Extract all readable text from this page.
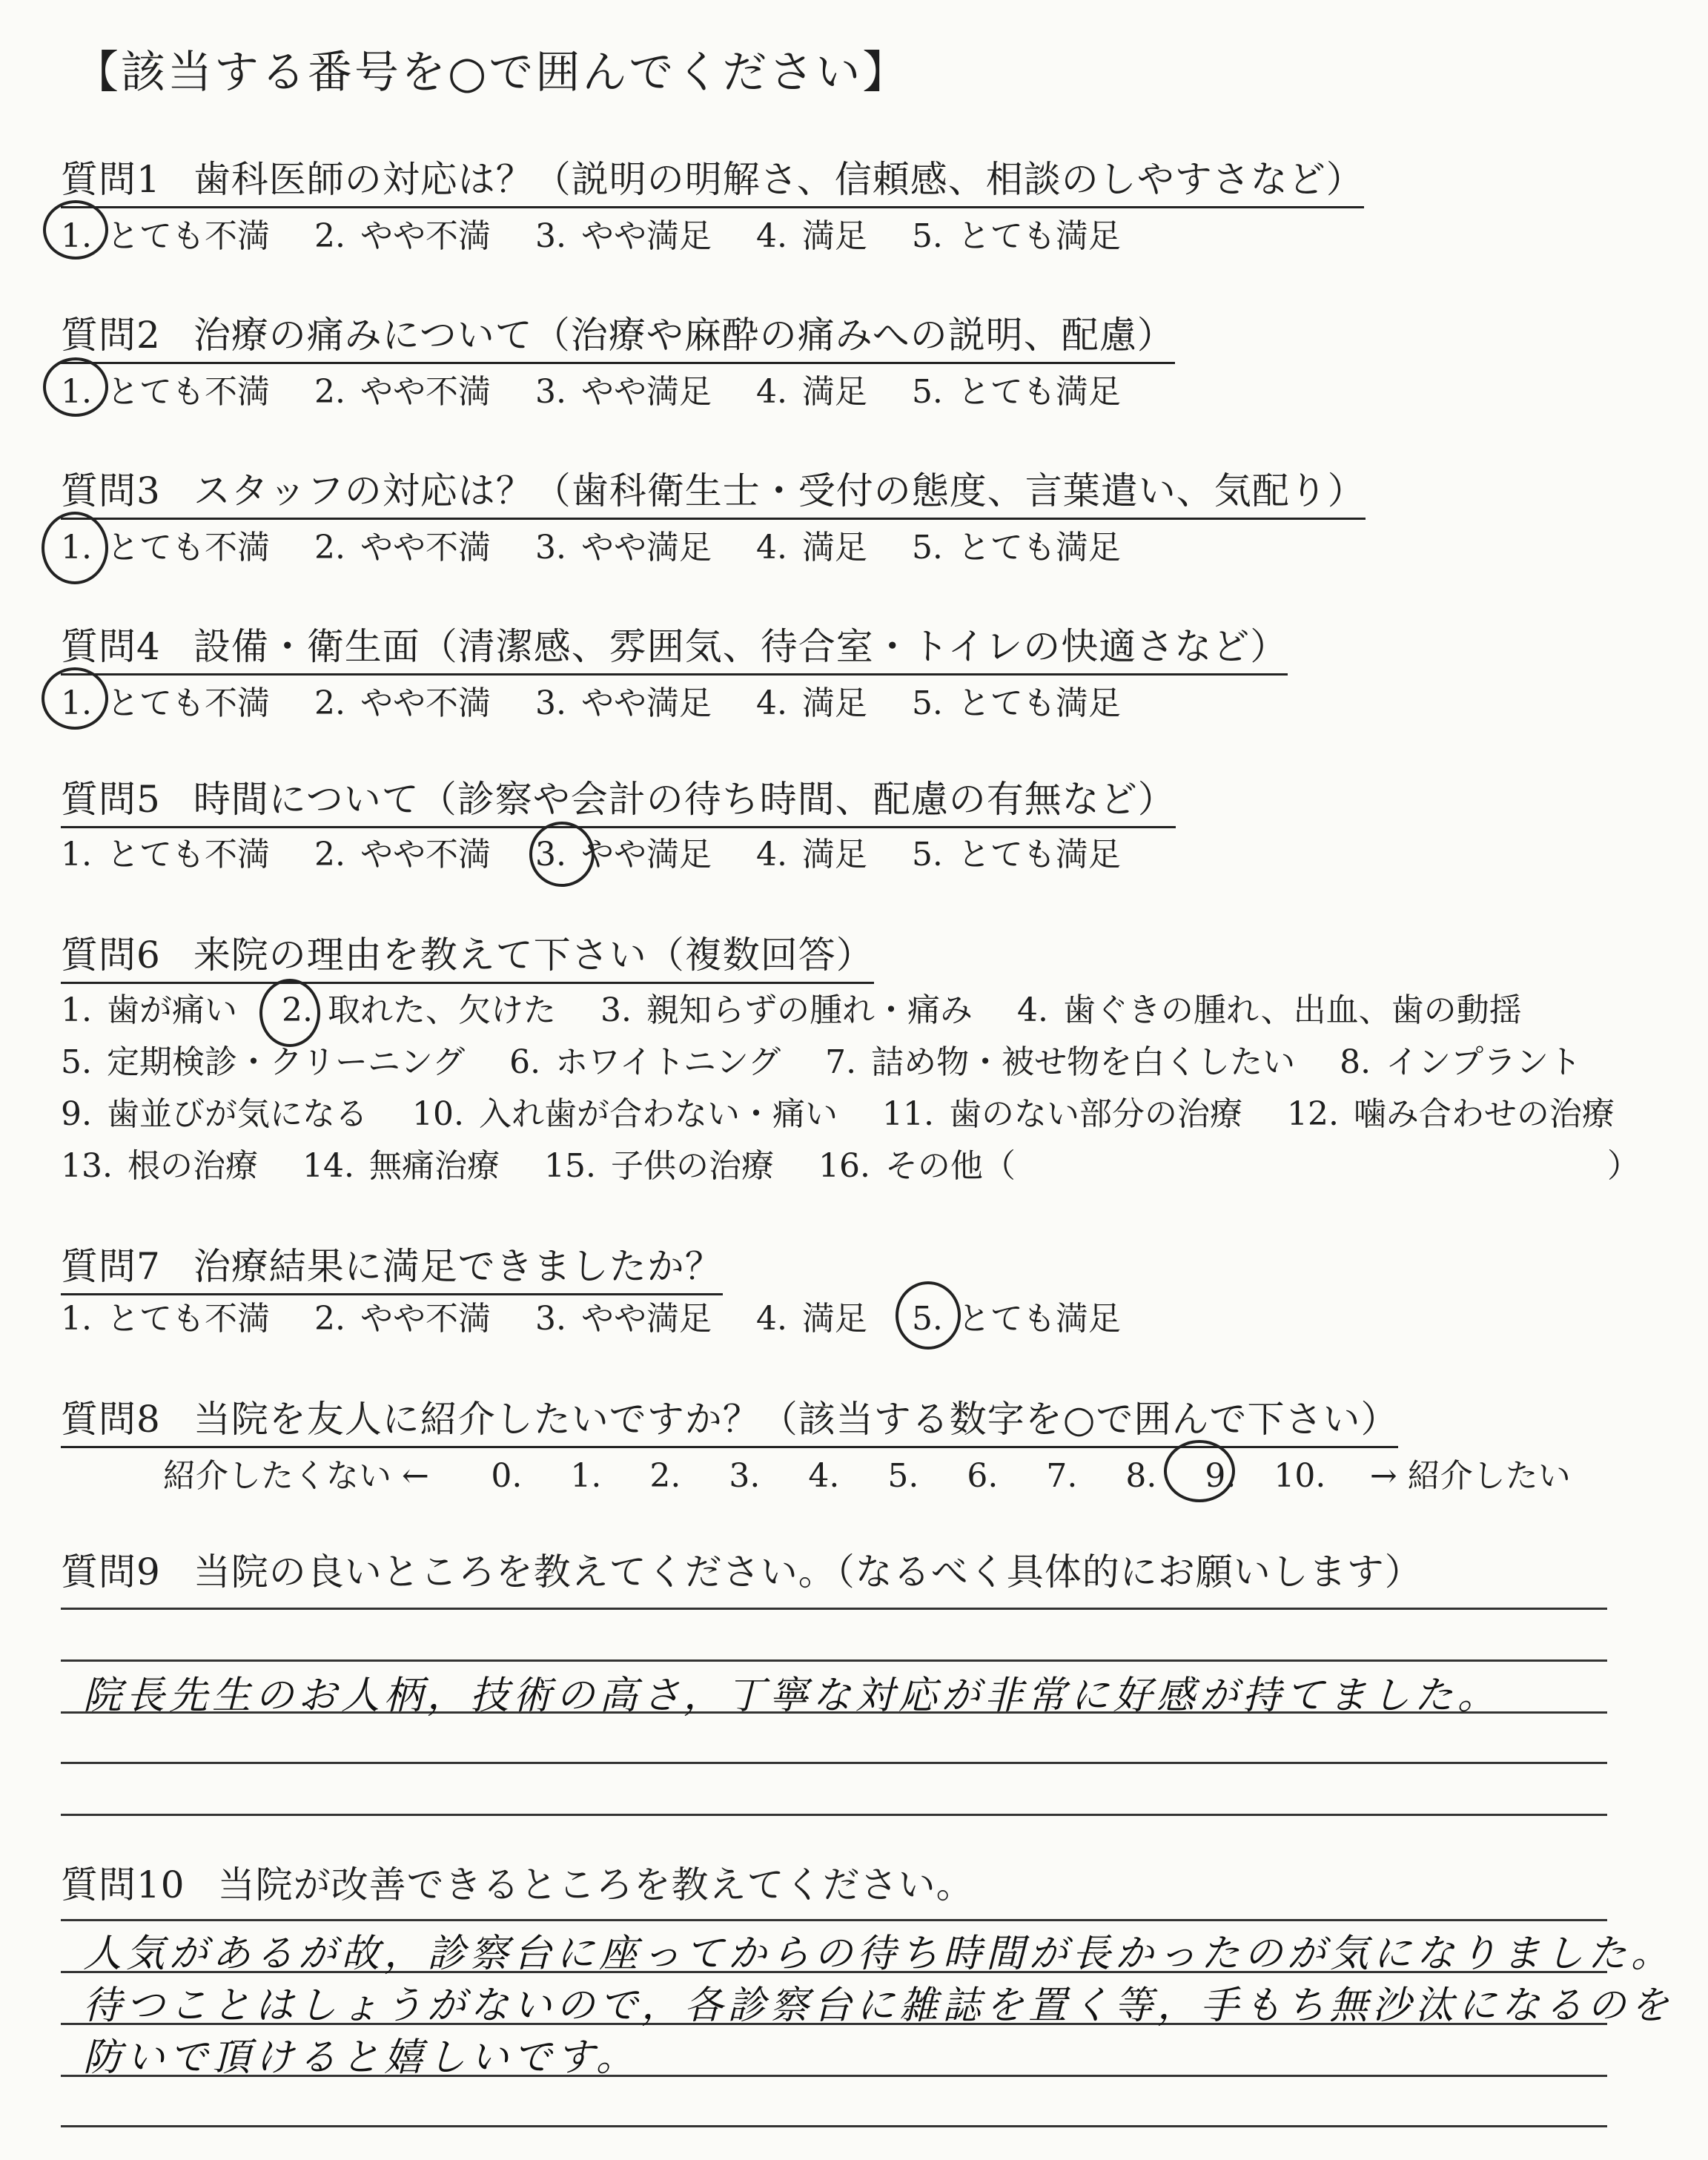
【該当する番号を○で囲んでください】
質問1 歯科医師の対応は？（説明の明解さ、信頼感、相談のしやすさなど）
1. とても不満 2. やや不満 3. やや満足 4. 満足 5. とても満足
質問2 治療の痛みについて（治療や麻酔の痛みへの説明、配慮）
1. とても不満 2. やや不満 3. やや満足 4. 満足 5. とても満足
質問3 スタッフの対応は？（歯科衛生士・受付の態度、言葉遣い、気配り）
1. とても不満 2. やや不満 3. やや満足 4. 満足 5. とても満足
質問4 設備・衛生面（清潔感、雰囲気、待合室・トイレの快適さなど）
1. とても不満 2. やや不満 3. やや満足 4. 満足 5. とても満足
質問5 時間について（診察や会計の待ち時間、配慮の有無など）
1. とても不満 2. やや不満 3. やや満足 4. 満足 5. とても満足
質問6 来院の理由を教えて下さい（複数回答）
1. 歯が痛い 2. 取れた、欠けた 3. 親知らずの腫れ・痛み 4. 歯ぐきの腫れ、出血、歯の動揺
5. 定期検診・クリーニング 6. ホワイトニング 7. 詰め物・被せ物を白くしたい 8. インプラント
9. 歯並びが気になる 10. 入れ歯が合わない・痛い 11. 歯のない部分の治療 12. 噛み合わせの治療
13. 根の治療 14. 無痛治療 15. 子供の治療 16. その他（	）
質問7 治療結果に満足できましたか？
1. とても不満 2. やや不満 3. やや満足 4. 満足 5. とても満足
質問8 当院を友人に紹介したいですか？（該当する数字を○で囲んで下さい）
紹介したくない ← 0. 1. 2. 3. 4. 5. 6. 7. 8. 9. 10. → 紹介したい
質問9 当院の良いところを教えてください。（なるべく具体的にお願いします）
院長先生のお人柄，技術の高さ，丁寧な対応が非常に好感が持てました。
質問10 当院が改善できるところを教えてください。
人気があるが故，診察台に座ってからの待ち時間が長かったのが気になりました。
待つことはしょうがないので，各診察台に雑誌を置く等，手もち無沙汰になるのを
防いで頂けると嬉しいです。
